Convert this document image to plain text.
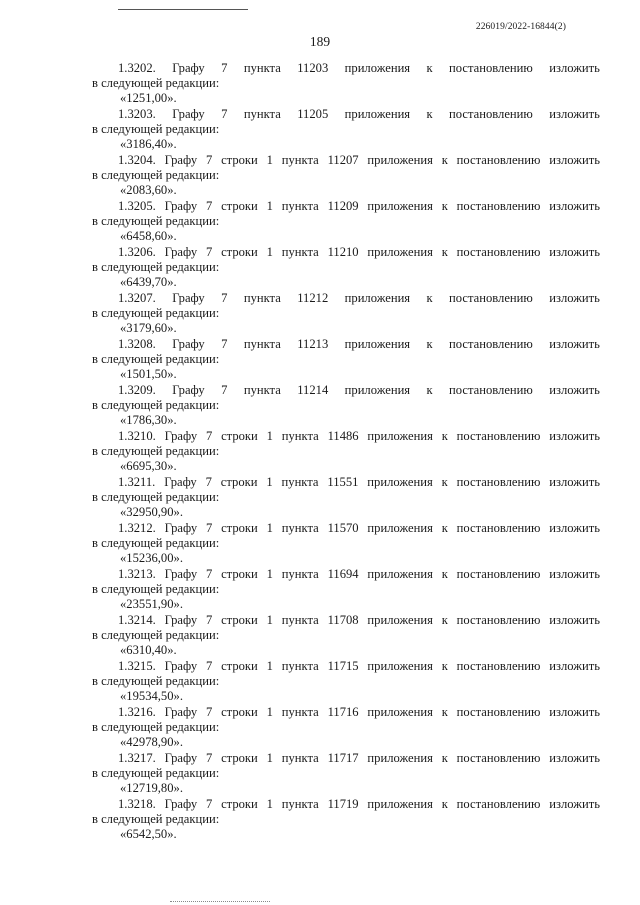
226019/2022-16844(2)
189
1.3202. Графу 7 пункта 11203 приложения к постановлению изложить
в следующей редакции:
«1251,00».
1.3203. Графу 7 пункта 11205 приложения к постановлению изложить
в следующей редакции:
«3186,40».
1.3204. Графу 7 строки 1 пункта 11207 приложения к постановлению изложить
в следующей редакции:
«2083,60».
1.3205. Графу 7 строки 1 пункта 11209 приложения к постановлению изложить
в следующей редакции:
«6458,60».
1.3206. Графу 7 строки 1 пункта 11210 приложения к постановлению изложить
в следующей редакции:
«6439,70».
1.3207. Графу 7 пункта 11212 приложения к постановлению изложить
в следующей редакции:
«3179,60».
1.3208. Графу 7 пункта 11213 приложения к постановлению изложить
в следующей редакции:
«1501,50».
1.3209. Графу 7 пункта 11214 приложения к постановлению изложить
в следующей редакции:
«1786,30».
1.3210. Графу 7 строки 1 пункта 11486 приложения к постановлению изложить
в следующей редакции:
«6695,30».
1.3211. Графу 7 строки 1 пункта 11551 приложения к постановлению изложить
в следующей редакции:
«32950,90».
1.3212. Графу 7 строки 1 пункта 11570 приложения к постановлению изложить
в следующей редакции:
«15236,00».
1.3213. Графу 7 строки 1 пункта 11694 приложения к постановлению изложить
в следующей редакции:
«23551,90».
1.3214. Графу 7 строки 1 пункта 11708 приложения к постановлению изложить
в следующей редакции:
«6310,40».
1.3215. Графу 7 строки 1 пункта 11715 приложения к постановлению изложить
в следующей редакции:
«19534,50».
1.3216. Графу 7 строки 1 пункта 11716 приложения к постановлению изложить
в следующей редакции:
«42978,90».
1.3217. Графу 7 строки 1 пункта 11717 приложения к постановлению изложить
в следующей редакции:
«12719,80».
1.3218. Графу 7 строки 1 пункта 11719 приложения к постановлению изложить
в следующей редакции:
«6542,50».
